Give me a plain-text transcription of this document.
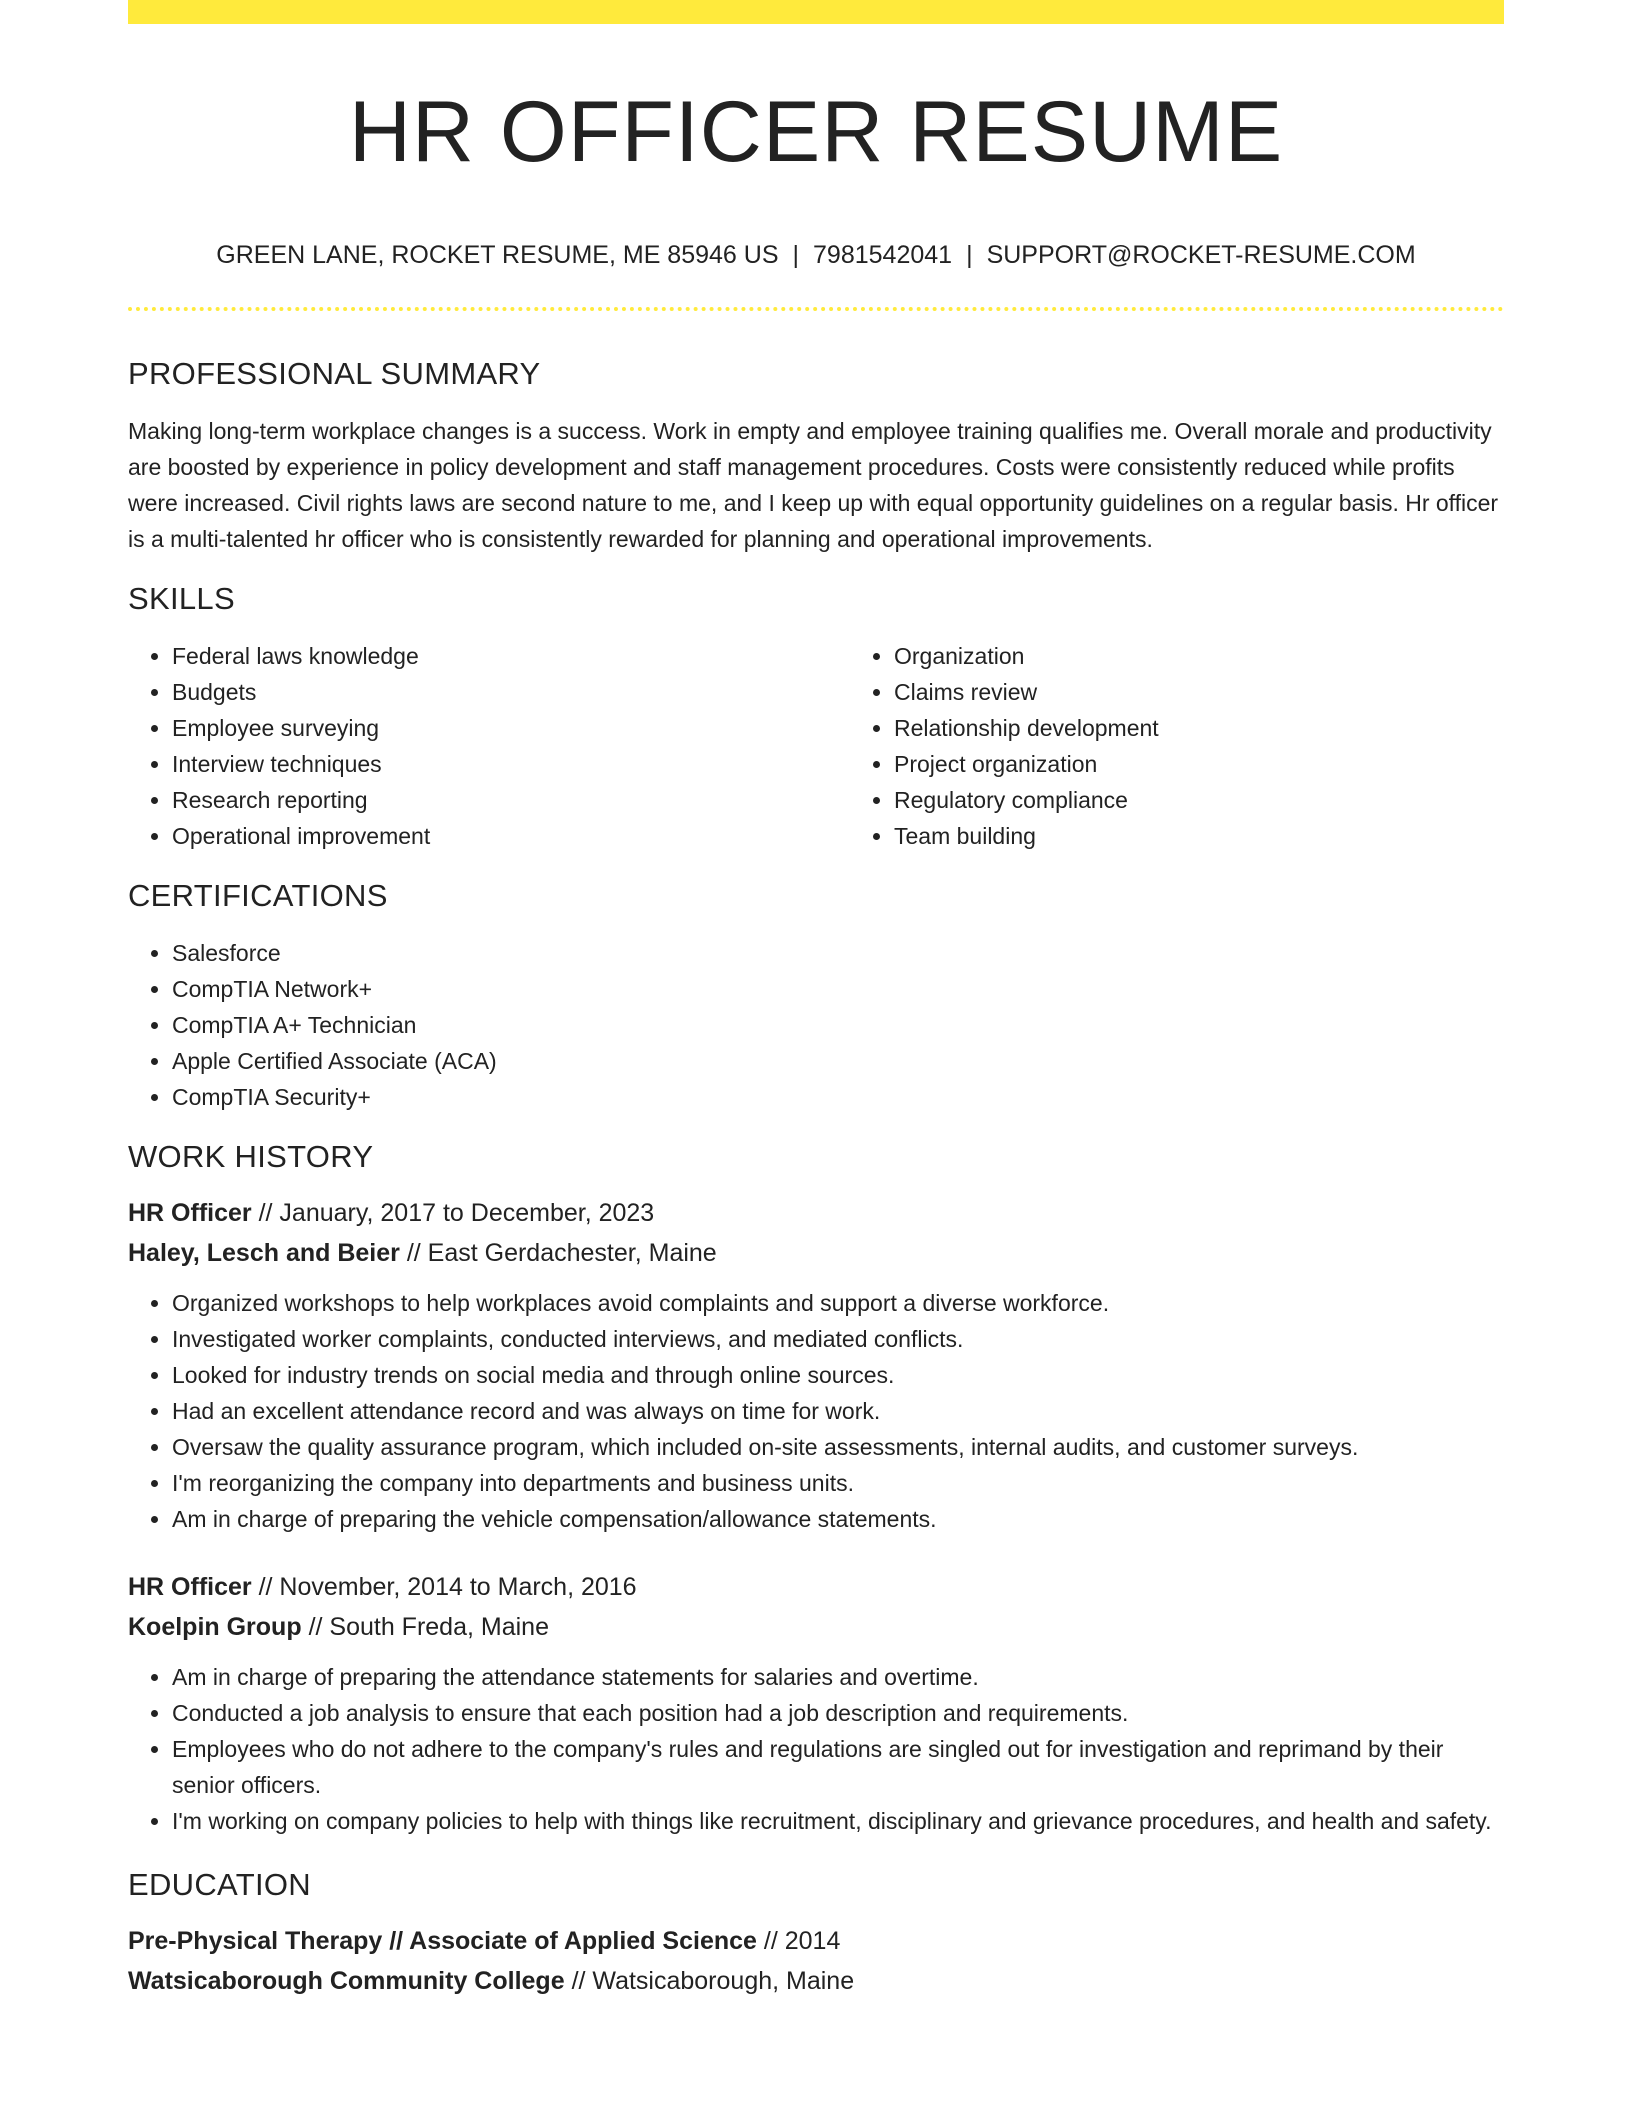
HR OFFICER RESUME
GREEN LANE, ROCKET RESUME, ME 85946 US | 7981542041 | SUPPORT@ROCKET-RESUME.COM
PROFESSIONAL SUMMARY

Making long-term workplace changes is a success. Work in empty and employee training qualifies me. Overall morale and productivity are boosted by experience in policy development and staff management procedures. Costs were consistently reduced while profits were increased. Civil rights laws are second nature to me, and I keep up with equal opportunity guidelines on a regular basis. Hr officer is a multi-talented hr officer who is consistently rewarded for planning and operational improvements.

SKILLS
• Federal laws knowledge
• Budgets
• Employee surveying
• Interview techniques
• Research reporting
• Operational improvement
• Organization
• Claims review
• Relationship development
• Project organization
• Regulatory compliance
• Team building
CERTIFICATIONS
• Salesforce
• CompTIA Network+
• CompTIA A+ Technician
• Apple Certified Associate (ACA)
• CompTIA Security+
WORK HISTORY
HR Officer // January, 2017 to December, 2023
Haley, Lesch and Beier // East Gerdachester, Maine
• Organized workshops to help workplaces avoid complaints and support a diverse workforce.
• Investigated worker complaints, conducted interviews, and mediated conflicts.
• Looked for industry trends on social media and through online sources.
• Had an excellent attendance record and was always on time for work.
• Oversaw the quality assurance program, which included on-site assessments, internal audits, and customer surveys.
• I'm reorganizing the company into departments and business units.
• Am in charge of preparing the vehicle compensation/allowance statements.
HR Officer // November, 2014 to March, 2016
Koelpin Group // South Freda, Maine
• Am in charge of preparing the attendance statements for salaries and overtime.
• Conducted a job analysis to ensure that each position had a job description and requirements.
• Employees who do not adhere to the company's rules and regulations are singled out for investigation and reprimand by their senior officers.
• I'm working on company policies to help with things like recruitment, disciplinary and grievance procedures, and health and safety.
EDUCATION
Pre-Physical Therapy // Associate of Applied Science // 2014
Watsicaborough Community College // Watsicaborough, Maine
